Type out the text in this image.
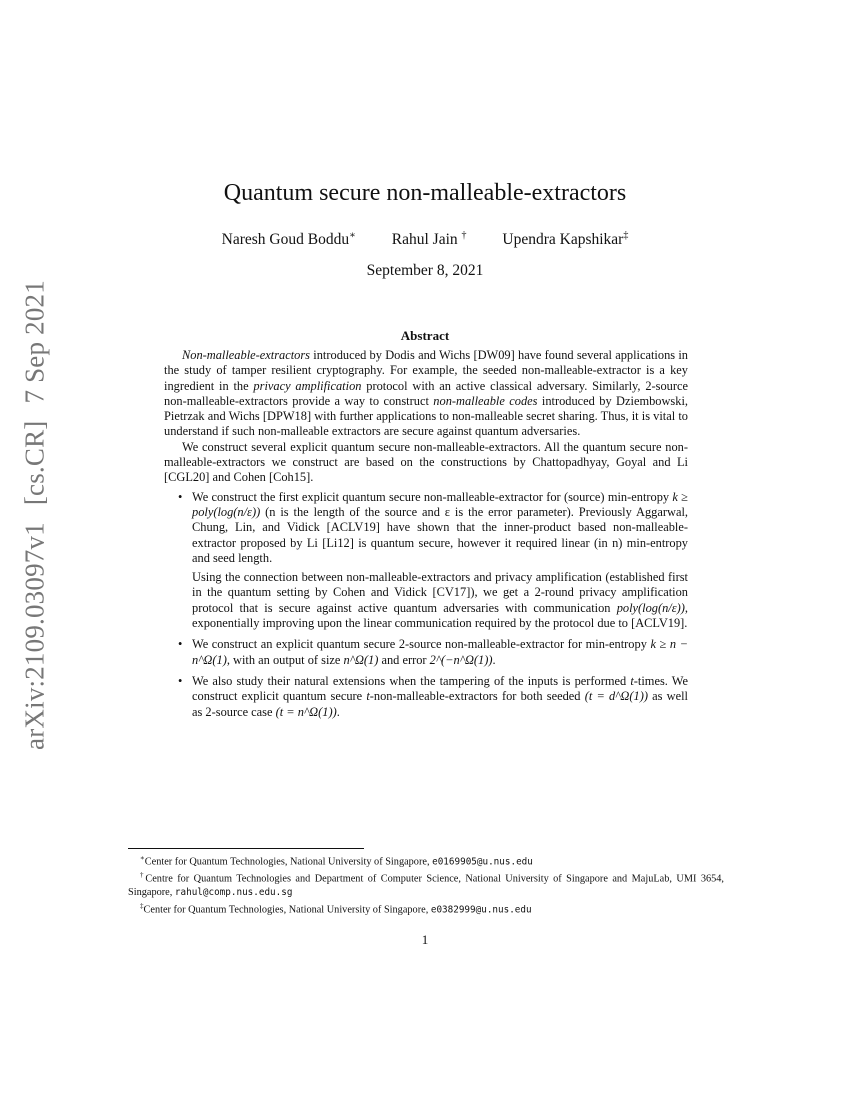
arXiv:2109.03097v1 [cs.CR] 7 Sep 2021
Quantum secure non-malleable-extractors
Naresh Goud Boddu∗ Rahul Jain † Upendra Kapshikar‡
September 8, 2021
Abstract

Non-malleable-extractors introduced by Dodis and Wichs [DW09] have found several applications in the study of tamper resilient cryptography. For example, the seeded non-malleable-extractor is a key ingredient in the privacy amplification protocol with an active classical adversary. Similarly, 2-source non-malleable-extractors provide a way to construct non-malleable codes introduced by Dziembowski, Pietrzak and Wichs [DPW18] with further applications to non-malleable secret sharing. Thus, it is vital to understand if such non-malleable extractors are secure against quantum adversaries.

We construct several explicit quantum secure non-malleable-extractors. All the quantum secure non-malleable-extractors we construct are based on the constructions by Chattopadhyay, Goyal and Li [CGL20] and Cohen [Coh15].

• We construct the first explicit quantum secure non-malleable-extractor for (source) min-entropy k ≥ poly(log(n/ε)) (n is the length of the source and ε is the error parameter). Previously Aggarwal, Chung, Lin, and Vidick [ACLV19] have shown that the inner-product based non-malleable-extractor proposed by Li [Li12] is quantum secure, however it required linear (in n) min-entropy and seed length.

Using the connection between non-malleable-extractors and privacy amplification (established first in the quantum setting by Cohen and Vidick [CV17]), we get a 2-round privacy amplification protocol that is secure against active quantum adversaries with communication poly(log(n/ε)), exponentially improving upon the linear communication required by the protocol due to [ACLV19].

• We construct an explicit quantum secure 2-source non-malleable-extractor for min-entropy k ≥ n − n^Ω(1), with an output of size n^Ω(1) and error 2^(−n^Ω(1)).

• We also study their natural extensions when the tampering of the inputs is performed t-times. We construct explicit quantum secure t-non-malleable-extractors for both seeded (t = d^Ω(1)) as well as 2-source case (t = n^Ω(1)).

∗Center for Quantum Technologies, National University of Singapore, e0169905@u.nus.edu

†Centre for Quantum Technologies and Department of Computer Science, National University of Singapore and MajuLab, UMI 3654, Singapore, rahul@comp.nus.edu.sg

‡Center for Quantum Technologies, National University of Singapore, e0382999@u.nus.edu

1
